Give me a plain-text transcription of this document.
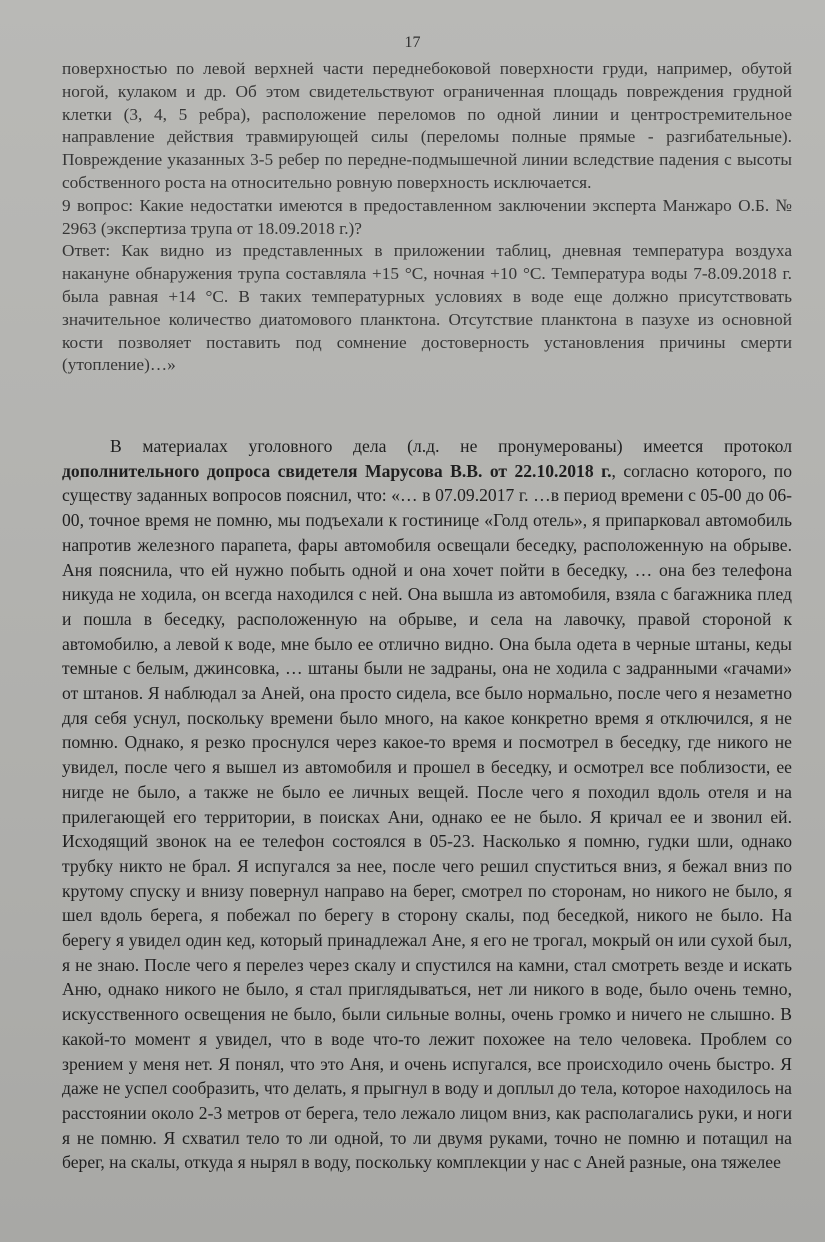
17

поверхностью по левой верхней части переднебоковой поверхности груди, например, обутой ногой, кулаком и др. Об этом свидетельствуют ограниченная площадь повреждения грудной клетки (3, 4, 5 ребра), расположение переломов по одной линии и центростремительное направление действия травмирующей силы (переломы полные прямые - разгибательные). Повреждение указанных 3-5 ребер по передне-подмышечной линии вследствие падения с высоты собственного роста на относительно ровную поверхность исключается.

9 вопрос: Какие недостатки имеются в предоставленном заключении эксперта Манжаро О.Б. № 2963 (экспертиза трупа от 18.09.2018 г.)?

Ответ: Как видно из представленных в приложении таблиц, дневная температура воздуха накануне обнаружения трупа составляла +15 °С, ночная +10 °С. Температура воды 7-8.09.2018 г. была равная +14 °С. В таких температурных условиях в воде еще должно присутствовать значительное количество диатомового планктона. Отсутствие планктона в пазухе из основной кости позволяет поставить под сомнение достоверность установления причины смерти (утопление)…»

В материалах уголовного дела (л.д. не пронумерованы) имеется протокол дополнительного допроса свидетеля Марусова В.В. от 22.10.2018 г., согласно которого, по существу заданных вопросов пояснил, что: «… в 07.09.2017 г. …в период времени с 05-00 до 06-00, точное время не помню, мы подъехали к гостинице «Голд отель», я припарковал автомобиль напротив железного парапета, фары автомобиля освещали беседку, расположенную на обрыве. Аня пояснила, что ей нужно побыть одной и она хочет пойти в беседку, … она без телефона никуда не ходила, он всегда находился с ней. Она вышла из автомобиля, взяла с багажника плед и пошла в беседку, расположенную на обрыве, и села на лавочку, правой стороной к автомобилю, а левой к воде, мне было ее отлично видно. Она была одета в черные штаны, кеды темные с белым, джинсовка, … штаны были не задраны, она не ходила с задранными «гачами» от штанов. Я наблюдал за Аней, она просто сидела, все было нормально, после чего я незаметно для себя уснул, поскольку времени было много, на какое конкретно время я отключился, я не помню. Однако, я резко проснулся через какое-то время и посмотрел в беседку, где никого не увидел, после чего я вышел из автомобиля и прошел в беседку, и осмотрел все поблизости, ее нигде не было, а также не было ее личных вещей. После чего я походил вдоль отеля и на прилегающей его территории, в поисках Ани, однако ее не было. Я кричал ее и звонил ей. Исходящий звонок на ее телефон состоялся в 05-23. Насколько я помню, гудки шли, однако трубку никто не брал. Я испугался за нее, после чего решил спуститься вниз, я бежал вниз по крутому спуску и внизу повернул направо на берег, смотрел по сторонам, но никого не было, я шел вдоль берега, я побежал по берегу в сторону скалы, под беседкой, никого не было. На берегу я увидел один кед, который принадлежал Ане, я его не трогал, мокрый он или сухой был, я не знаю. После чего я перелез через скалу и спустился на камни, стал смотреть везде и искать Аню, однако никого не было, я стал приглядываться, нет ли никого в воде, было очень темно, искусственного освещения не было, были сильные волны, очень громко и ничего не слышно. В какой-то момент я увидел, что в воде что-то лежит похожее на тело человека. Проблем со зрением у меня нет. Я понял, что это Аня, и очень испугался, все происходило очень быстро. Я даже не успел сообразить, что делать, я прыгнул в воду и доплыл до тела, которое находилось на расстоянии около 2-3 метров от берега, тело лежало лицом вниз, как располагались руки, и ноги я не помню. Я схватил тело то ли одной, то ли двумя руками, точно не помню и потащил на берег, на скалы, откуда я нырял в воду, поскольку комплекции у нас с Аней разные, она тяжелее
